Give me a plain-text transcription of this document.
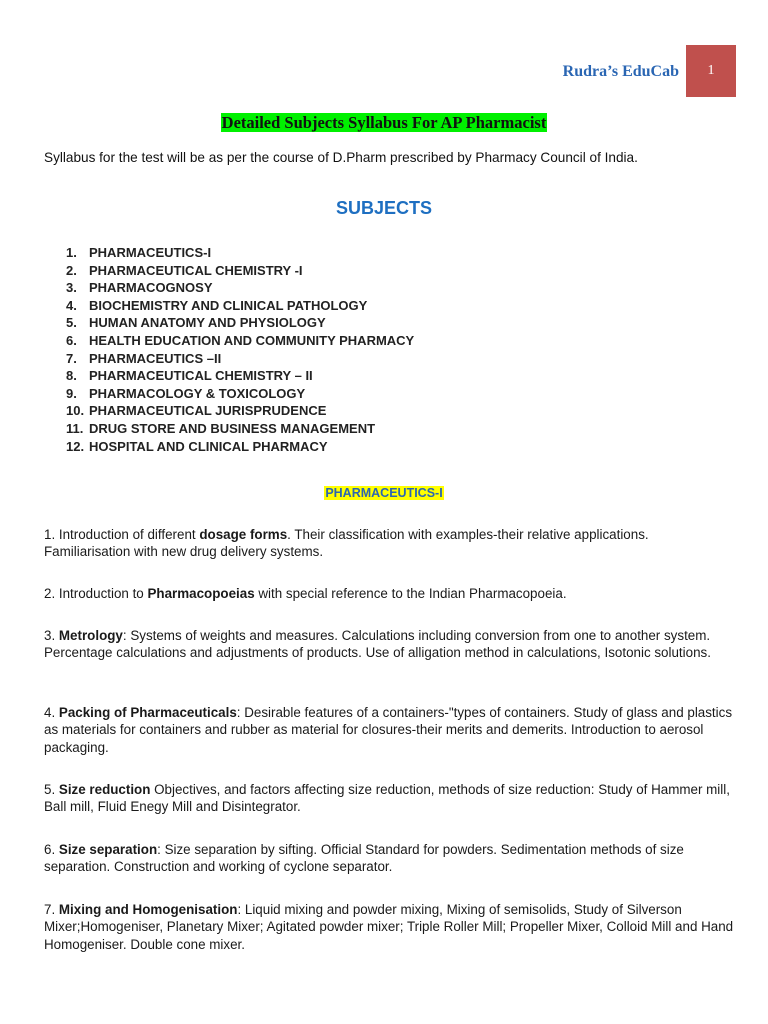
Rudra’s EduCab 1
Detailed Subjects Syllabus For AP Pharmacist
Syllabus for the test will be as per the course of D.Pharm prescribed by Pharmacy Council of India.
SUBJECTS
1. PHARMACEUTICS-I
2. PHARMACEUTICAL CHEMISTRY -I
3. PHARMACOGNOSY
4. BIOCHEMISTRY AND CLINICAL PATHOLOGY
5. HUMAN ANATOMY AND PHYSIOLOGY
6. HEALTH EDUCATION AND COMMUNITY PHARMACY
7. PHARMACEUTICS –II
8. PHARMACEUTICAL CHEMISTRY – II
9. PHARMACOLOGY & TOXICOLOGY
10. PHARMACEUTICAL JURISPRUDENCE
11. DRUG STORE AND BUSINESS MANAGEMENT
12. HOSPITAL AND CLINICAL PHARMACY
PHARMACEUTICS-I
1. Introduction of different dosage forms. Their classification with examples-their relative applications. Familiarisation with new drug delivery systems.
2. Introduction to Pharmacopoeias with special reference to the Indian Pharmacopoeia.
3. Metrology: Systems of weights and measures. Calculations including conversion from one to another system. Percentage calculations and adjustments of products. Use of alligation method in calculations, Isotonic solutions.
4. Packing of Pharmaceuticals: Desirable features of a containers-"types of containers. Study of glass and plastics as materials for containers and rubber as material for closures-their merits and demerits. Introduction to aerosol packaging.
5. Size reduction Objectives, and factors affecting size reduction, methods of size reduction: Study of Hammer mill, Ball mill, Fluid Enegy Mill and Disintegrator.
6. Size separation: Size separation by sifting. Official Standard for powders. Sedimentation methods of size separation. Construction and working of cyclone separator.
7. Mixing and Homogenisation: Liquid mixing and powder mixing, Mixing of semisolids, Study of Silverson Mixer;Homogeniser, Planetary Mixer; Agitated powder mixer; Triple Roller Mill; Propeller Mixer, Colloid Mill and Hand Homogeniser. Double cone mixer.
